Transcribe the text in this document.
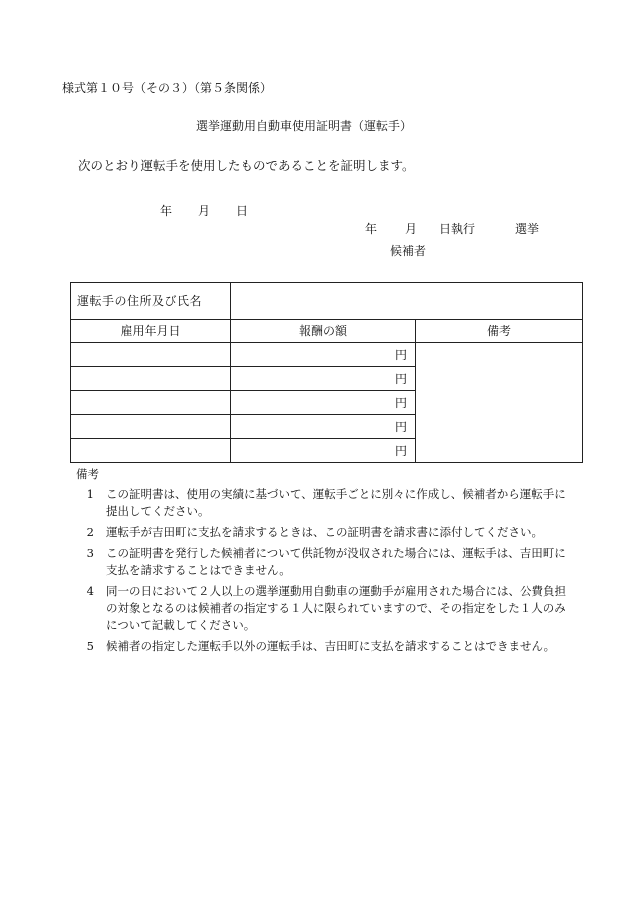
様式第１０号（その３）（第５条関係）
選挙運動用自動車使用証明書（運転手）
次のとおり運転手を使用したものであることを証明します。
年 月 日
年 月 日執行	選挙
候補者
運転手の住所及び氏名		
雇用年月日	報酬の額	備考
	円	
	円	
	円	
	円	
	円	
備考
1	この証明書は、使用の実績に基づいて、運転手ごとに別々に作成し、候補者から運転手に提出してください。
2	運転手が吉田町に支払を請求するときは、この証明書を請求書に添付してください。
3	この証明書を発行した候補者について供託物が没収された場合には、運転手は、吉田町に支払を請求することはできません。
4	同一の日において２人以上の選挙運動用自動車の運動手が雇用された場合には、公費負担の対象となるのは候補者の指定する１人に限られていますので、その指定をした１人のみについて記載してください。
5	候補者の指定した運転手以外の運転手は、吉田町に支払を請求することはできません。
